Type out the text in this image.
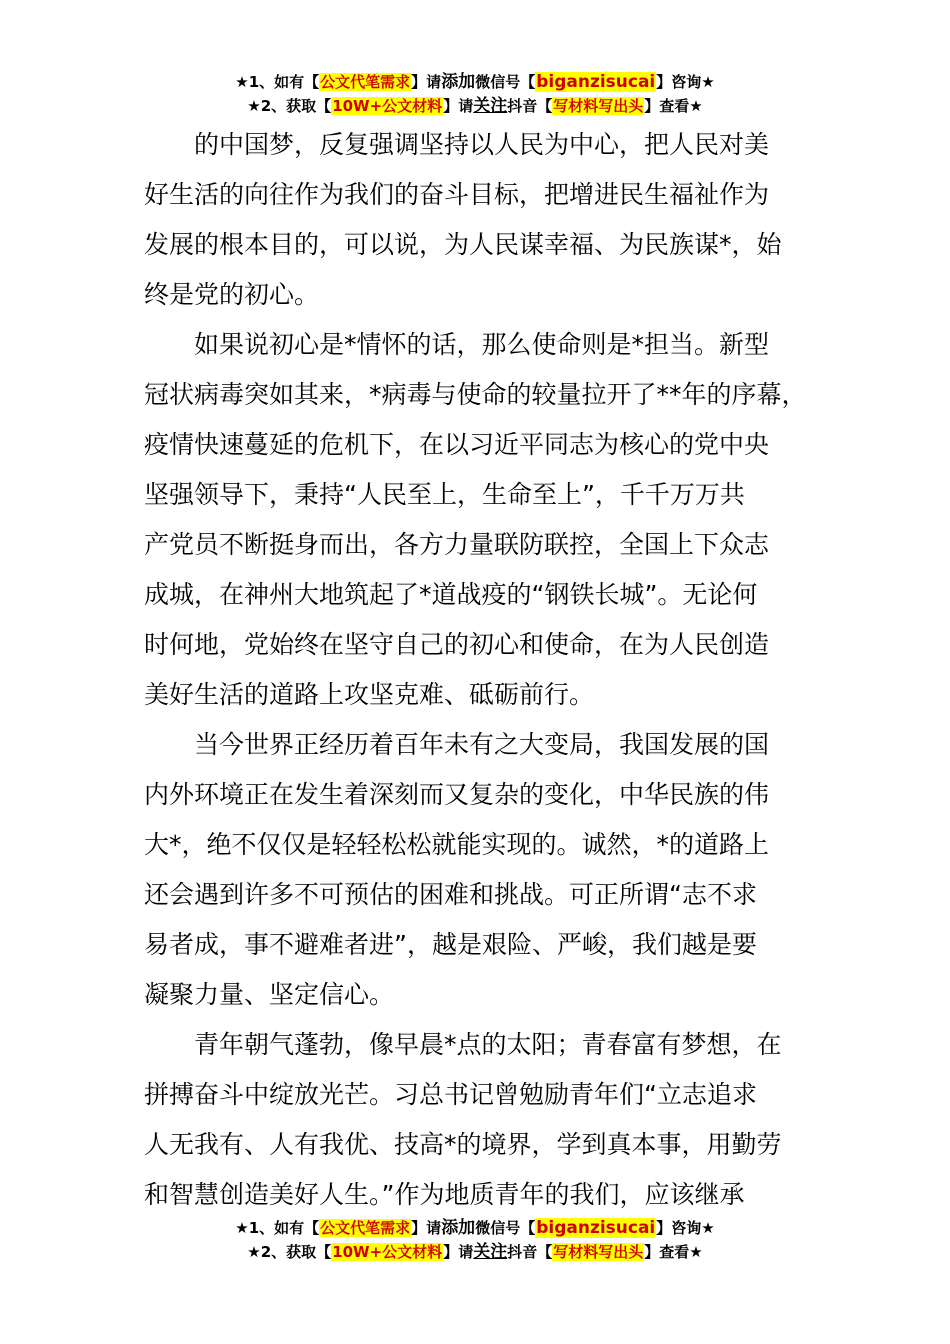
★1、如有【公文代笔需求】请添加微信号【biganzisucai】咨询★
★2、获取【10W+公文材料】请关注抖音【写材料写出头】查看★

的中国梦，反复强调坚持以人民为中心，把人民对美

好生活的向往作为我们的奋斗目标，把增进民生福祉作为

发展的根本目的，可以说，为人民谋幸福、为民族谋*，始

终是党的初心。

如果说初心是*情怀的话，那么使命则是*担当。新型

冠状病毒突如其来，*病毒与使命的较量拉开了**年的序幕，

疫情快速蔓延的危机下，在以习近平同志为核心的党中央

坚强领导下，秉持“人民至上，生命至上”，千千万万共

产党员不断挺身而出，各方力量联防联控，全国上下众志

成城，在神州大地筑起了*道战疫的“钢铁长城”。无论何

时何地，党始终在坚守自己的初心和使命，在为人民创造

美好生活的道路上攻坚克难、砥砺前行。

当今世界正经历着百年未有之大变局，我国发展的国

内外环境正在发生着深刻而又复杂的变化，中华民族的伟

大*，绝不仅仅是轻轻松松就能实现的。诚然，*的道路上

还会遇到许多不可预估的困难和挑战。可正所谓“志不求

易者成，事不避难者进”，越是艰险、严峻，我们越是要

凝聚力量、坚定信心。

青年朝气蓬勃，像早晨*点的太阳；青春富有梦想，在

拼搏奋斗中绽放光芒。习总书记曾勉励青年们“立志追求

人无我有、人有我优、技高*的境界，学到真本事，用勤劳

和智慧创造美好人生。”作为地质青年的我们，应该继承

★1、如有【公文代笔需求】请添加微信号【biganzisucai】咨询★
★2、获取【10W+公文材料】请关注抖音【写材料写出头】查看★
